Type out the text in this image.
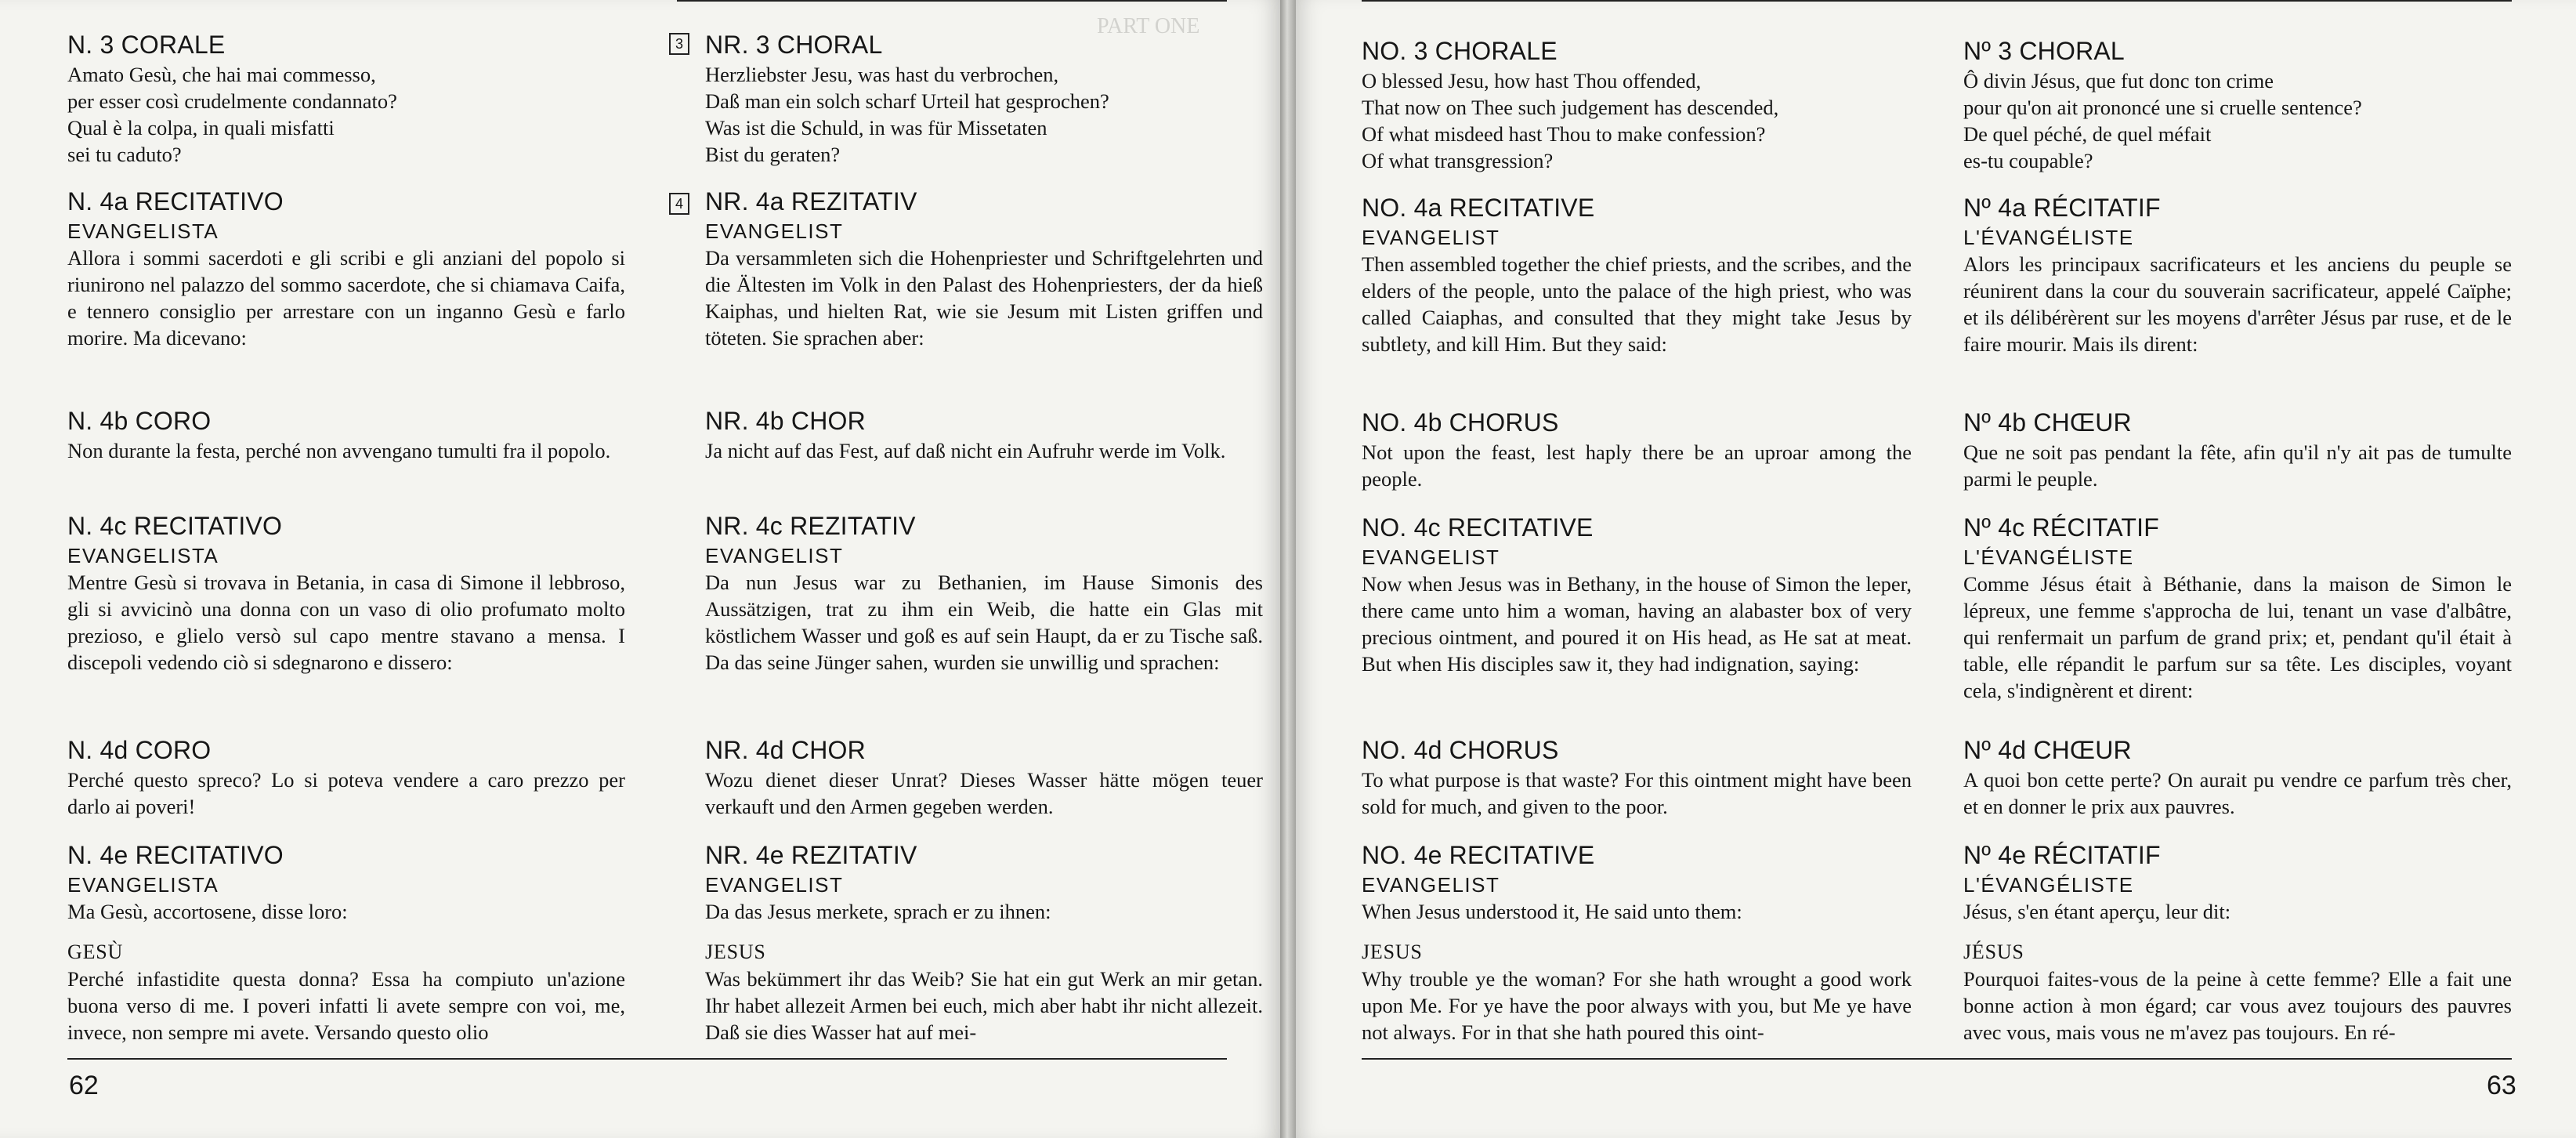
PART ONE
N. 3 CORALE
Amato Gesù, che hai mai commesso,
per esser così crudelmente condannato?
Qual è la colpa, in quali misfatti
sei tu caduto?
N. 4a RECITATIVO
EVANGELISTA
Allora i sommi sacerdoti e gli scribi e gli anziani del popolo si riunirono nel palazzo del sommo sacerdote, che si chiamava Caifa, e tennero consiglio per arrestare con un inganno Gesù e farlo morire. Ma dicevano:
N. 4b CORO
Non durante la festa, perché non avvengano tumulti fra il popolo.
N. 4c RECITATIVO
EVANGELISTA
Mentre Gesù si trovava in Betania, in casa di Simone il lebbroso, gli si avvicinò una donna con un vaso di olio profumato molto prezioso, e glielo versò sul capo mentre stavano a mensa. I discepoli vedendo ciò si sdegnarono e dissero:
N. 4d CORO
Perché questo spreco? Lo si poteva vendere a caro prezzo per darlo ai poveri!
N. 4e RECITATIVO
EVANGELISTA
Ma Gesù, accortosene, disse loro:
GESÙ
Perché infastidite questa donna? Essa ha compiuto un'azione buona verso di me. I poveri infatti li avete sempre con voi, me, invece, non sempre mi avete. Versando questo olio
3
4
NR. 3 CHORAL
Herzliebster Jesu, was hast du verbrochen,
Daß man ein solch scharf Urteil hat gesprochen?
Was ist die Schuld, in was für Missetaten
Bist du geraten?
NR. 4a REZITATIV
EVANGELIST
Da versammleten sich die Hohenpriester und Schriftgelehrten und die Ältesten im Volk in den Palast des Hohenpriesters, der da hieß Kaiphas, und hielten Rat, wie sie Jesum mit Listen griffen und töteten. Sie sprachen aber:
NR. 4b CHOR
Ja nicht auf das Fest, auf daß nicht ein Aufruhr werde im Volk.
NR. 4c REZITATIV
EVANGELIST
Da nun Jesus war zu Bethanien, im Hause Simonis des Aussätzigen, trat zu ihm ein Weib, die hatte ein Glas mit köstlichem Wasser und goß es auf sein Haupt, da er zu Tische saß. Da das seine Jünger sahen, wurden sie unwillig und sprachen:
NR. 4d CHOR
Wozu dienet dieser Unrat? Dieses Wasser hätte mögen teuer verkauft und den Armen gegeben werden.
NR. 4e REZITATIV
EVANGELIST
Da das Jesus merkete, sprach er zu ihnen:
JESUS
Was bekümmert ihr das Weib? Sie hat ein gut Werk an mir getan. Ihr habet allezeit Armen bei euch, mich aber habt ihr nicht allezeit. Daß sie dies Wasser hat auf mei-
62
NO. 3 CHORALE
O blessed Jesu, how hast Thou offended,
That now on Thee such judgement has descended,
Of what misdeed hast Thou to make confession?
Of what transgression?
NO. 4a RECITATIVE
EVANGELIST
Then assembled together the chief priests, and the scribes, and the elders of the people, unto the palace of the high priest, who was called Caiaphas, and consulted that they might take Jesus by subtlety, and kill Him. But they said:
NO. 4b CHORUS
Not upon the feast, lest haply there be an uproar among the people.
NO. 4c RECITATIVE
EVANGELIST
Now when Jesus was in Bethany, in the house of Simon the leper, there came unto him a woman, having an alabaster box of very precious ointment, and poured it on His head, as He sat at meat. But when His disciples saw it, they had indignation, saying:
NO. 4d CHORUS
To what purpose is that waste? For this ointment might have been sold for much, and given to the poor.
NO. 4e RECITATIVE
EVANGELIST
When Jesus understood it, He said unto them:
JESUS
Why trouble ye the woman? For she hath wrought a good work upon Me. For ye have the poor always with you, but Me ye have not always. For in that she hath poured this oint-
Nº 3 CHORAL
Ô divin Jésus, que fut donc ton crime
pour qu'on ait prononcé une si cruelle sentence?
De quel péché, de quel méfait
es-tu coupable?
Nº 4a RÉCITATIF
L'ÉVANGÉLISTE
Alors les principaux sacrificateurs et les anciens du peuple se réunirent dans la cour du souverain sacrificateur, appelé Caïphe; et ils délibérèrent sur les moyens d'arrêter Jésus par ruse, et de le faire mourir. Mais ils dirent:
Nº 4b CHŒUR
Que ne soit pas pendant la fête, afin qu'il n'y ait pas de tumulte parmi le peuple.
Nº 4c RÉCITATIF
L'ÉVANGÉLISTE
Comme Jésus était à Béthanie, dans la maison de Simon le lépreux, une femme s'approcha de lui, tenant un vase d'albâtre, qui renfermait un parfum de grand prix; et, pendant qu'il était à table, elle répandit le parfum sur sa tête. Les disciples, voyant cela, s'indignèrent et dirent:
Nº 4d CHŒUR
A quoi bon cette perte? On aurait pu vendre ce parfum très cher, et en donner le prix aux pauvres.
Nº 4e RÉCITATIF
L'ÉVANGÉLISTE
Jésus, s'en étant aperçu, leur dit:
JÉSUS
Pourquoi faites-vous de la peine à cette femme? Elle a fait une bonne action à mon égard; car vous avez toujours des pauvres avec vous, mais vous ne m'avez pas toujours. En ré-
63
